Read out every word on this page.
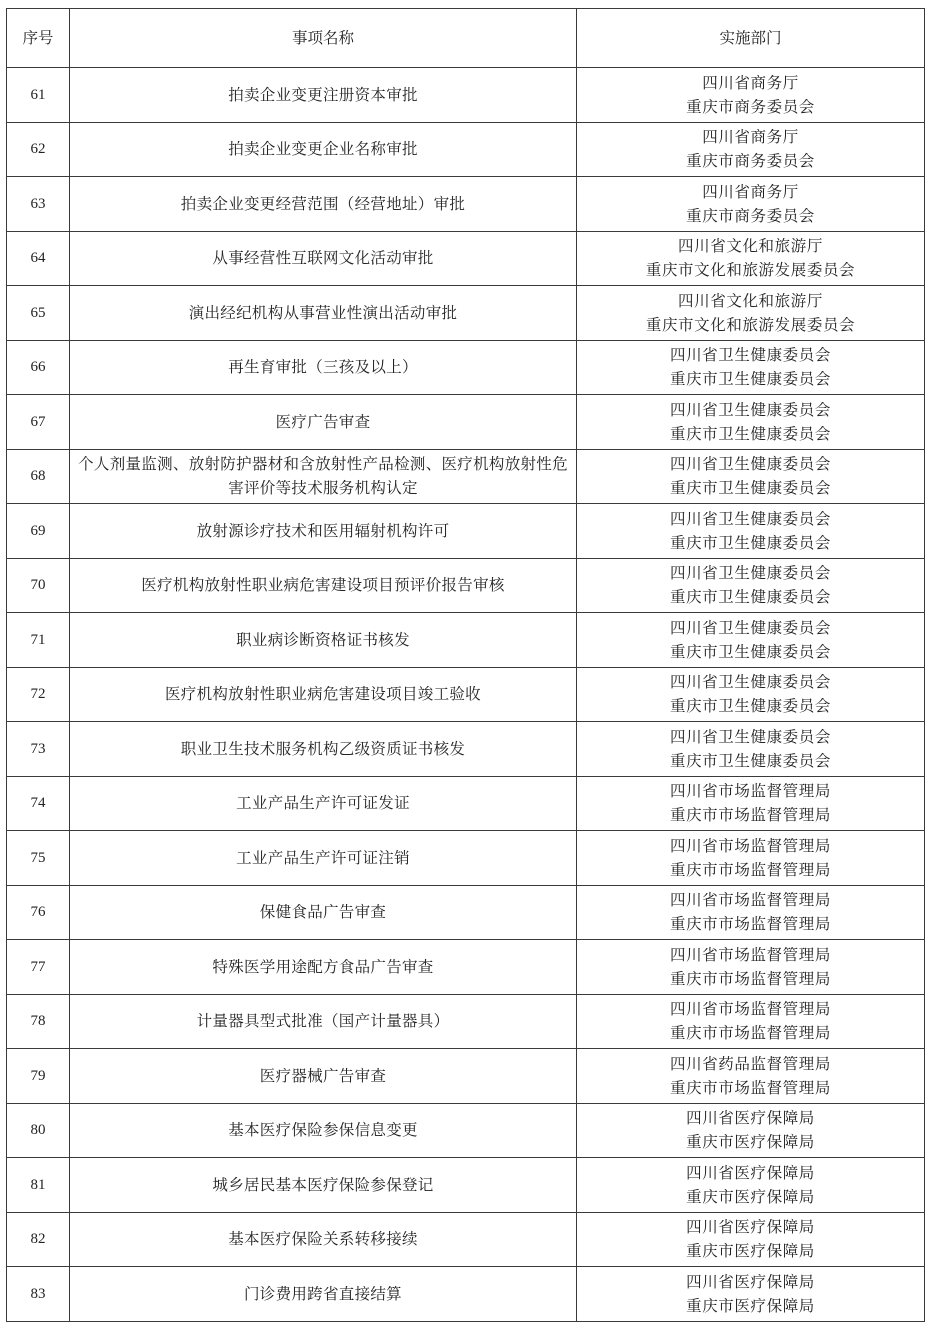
序号	事项名称	实施部门
61	拍卖企业变更注册资本审批	四川省商务厅
重庆市商务委员会

62	拍卖企业变更企业名称审批	四川省商务厅
重庆市商务委员会

63	拍卖企业变更经营范围（经营地址）审批	四川省商务厅
重庆市商务委员会

64	从事经营性互联网文化活动审批	四川省文化和旅游厅
重庆市文化和旅游发展委员会

65	演出经纪机构从事营业性演出活动审批	四川省文化和旅游厅
重庆市文化和旅游发展委员会

66	再生育审批（三孩及以上）	四川省卫生健康委员会
重庆市卫生健康委员会

67	医疗广告审查	四川省卫生健康委员会
重庆市卫生健康委员会

68	个人剂量监测、放射防护器材和含放射性产品检测、医疗机构放射性危害评价等技术服务机构认定	四川省卫生健康委员会
重庆市卫生健康委员会

69	放射源诊疗技术和医用辐射机构许可	四川省卫生健康委员会
重庆市卫生健康委员会

70	医疗机构放射性职业病危害建设项目预评价报告审核	四川省卫生健康委员会
重庆市卫生健康委员会

71	职业病诊断资格证书核发	四川省卫生健康委员会
重庆市卫生健康委员会

72	医疗机构放射性职业病危害建设项目竣工验收	四川省卫生健康委员会
重庆市卫生健康委员会

73	职业卫生技术服务机构乙级资质证书核发	四川省卫生健康委员会
重庆市卫生健康委员会

74	工业产品生产许可证发证	四川省市场监督管理局
重庆市市场监督管理局

75	工业产品生产许可证注销	四川省市场监督管理局
重庆市市场监督管理局

76	保健食品广告审查	四川省市场监督管理局
重庆市市场监督管理局

77	特殊医学用途配方食品广告审查	四川省市场监督管理局
重庆市市场监督管理局

78	计量器具型式批准（国产计量器具）	四川省市场监督管理局
重庆市市场监督管理局

79	医疗器械广告审查	四川省药品监督管理局
重庆市市场监督管理局

80	基本医疗保险参保信息变更	四川省医疗保障局
重庆市医疗保障局

81	城乡居民基本医疗保险参保登记	四川省医疗保障局
重庆市医疗保障局

82	基本医疗保险关系转移接续	四川省医疗保障局
重庆市医疗保障局

83	门诊费用跨省直接结算	四川省医疗保障局
重庆市医疗保障局
